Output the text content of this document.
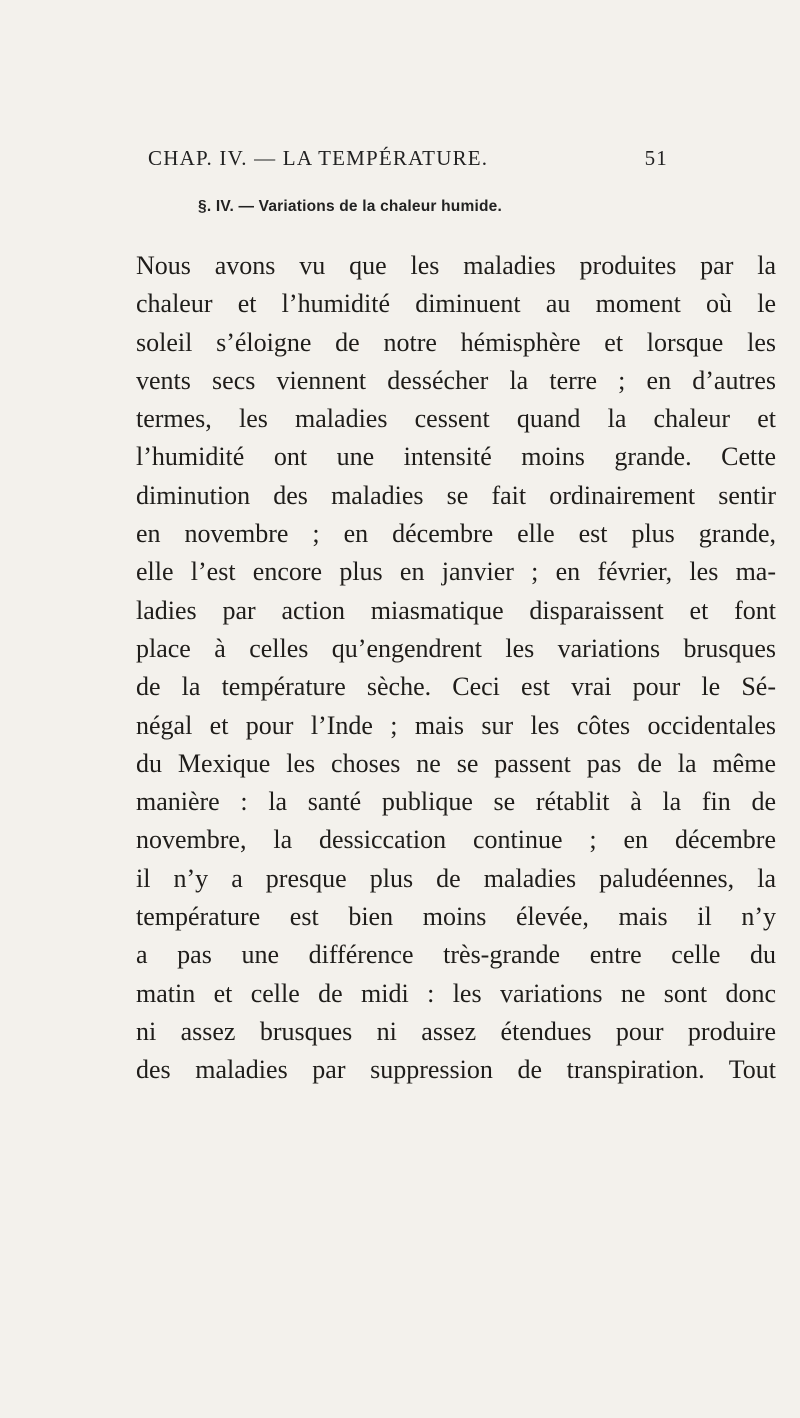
CHAP. IV. — LA TEMPÉRATURE.	51
§. IV. — Variations de la chaleur humide.
Nous avons vu que les maladies produites par la
chaleur et l’humidité diminuent au moment où le
soleil s’éloigne de notre hémisphère et lorsque les
vents secs viennent dessécher la terre ; en d’autres
termes, les maladies cessent quand la chaleur et
l’humidité ont une intensité moins grande. Cette
diminution des maladies se fait ordinairement sentir
en novembre ; en décembre elle est plus grande,
elle l’est encore plus en janvier ; en février, les ma-
ladies par action miasmatique disparaissent et font
place à celles qu’engendrent les variations brusques
de la température sèche. Ceci est vrai pour le Sé-
négal et pour l’Inde ; mais sur les côtes occidentales
du Mexique les choses ne se passent pas de la même
manière : la santé publique se rétablit à la fin de
novembre, la dessiccation continue ; en décembre
il n’y a presque plus de maladies paludéennes, la
température est bien moins élevée, mais il n’y
a pas une différence très-grande entre celle du
matin et celle de midi : les variations ne sont donc
ni assez brusques ni assez étendues pour produire
des maladies par suppression de transpiration. Tout
